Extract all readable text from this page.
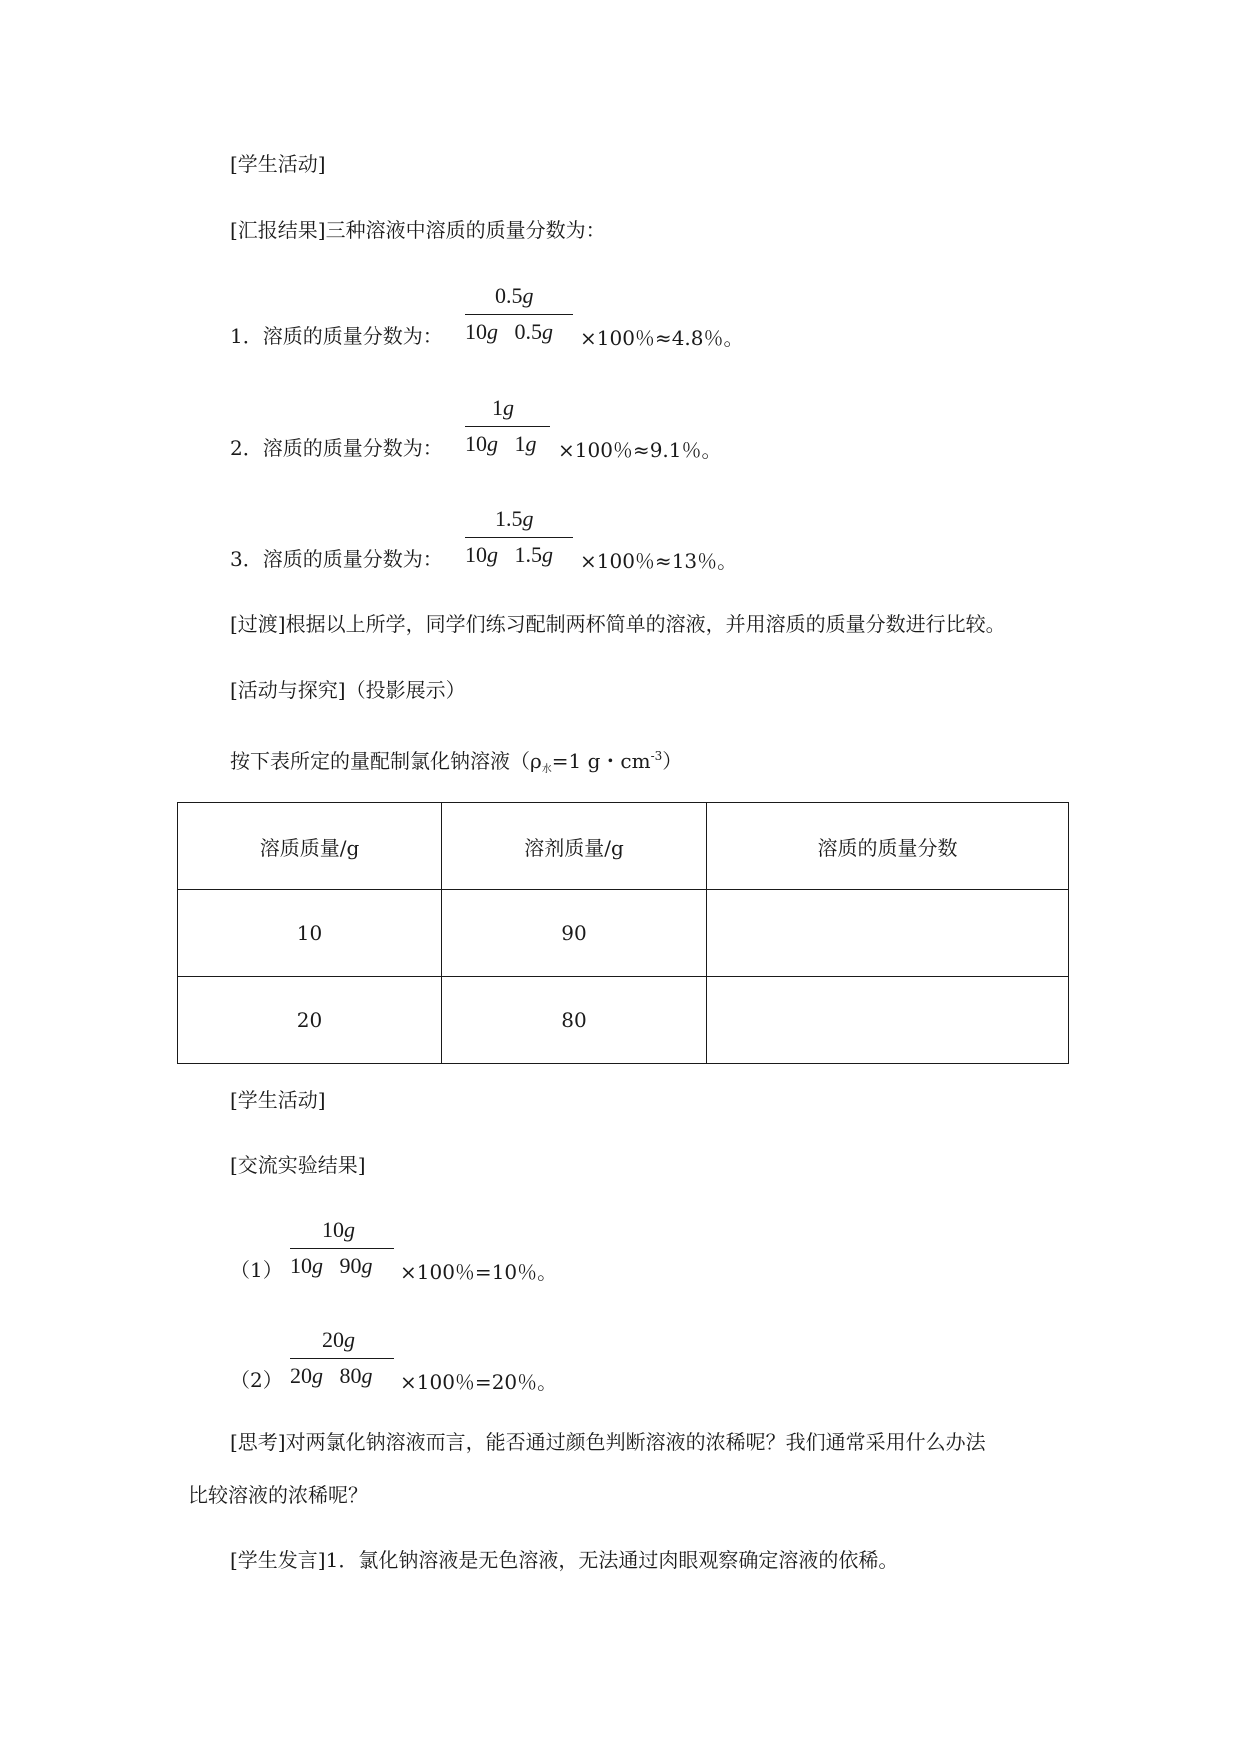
[学生活动]
[汇报结果]三种溶液中溶质的质量分数为：
0.5g
1．溶质的质量分数为： 10g 0.5g ×100％≈4.8％。
1g
2．溶质的质量分数为： 10g 1g ×100％≈9.1％。
1.5g
3．溶质的质量分数为： 10g 1.5g ×100％≈13％。
[过渡]根据以上所学，同学们练习配制两杯简单的溶液，并用溶质的质量分数进行比较。
[活动与探究]（投影展示）
按下表所定的量配制氯化钠溶液（$\rho_水=1$ g・$cm^{-3}$）
溶质质量/g	溶剂质量/g	溶质的质量分数
10	90	
20	80	
[学生活动]
[交流实验结果]
10g
（1） 10g 90g ×100％=10％。
20g
（2） 20g 80g ×100％=20％。
[思考]对两氯化钠溶液而言，能否通过颜色判断溶液的浓稀呢？我们通常采用什么办法
比较溶液的浓稀呢？
[学生发言]1．氯化钠溶液是无色溶液，无法通过肉眼观察确定溶液的依稀。
